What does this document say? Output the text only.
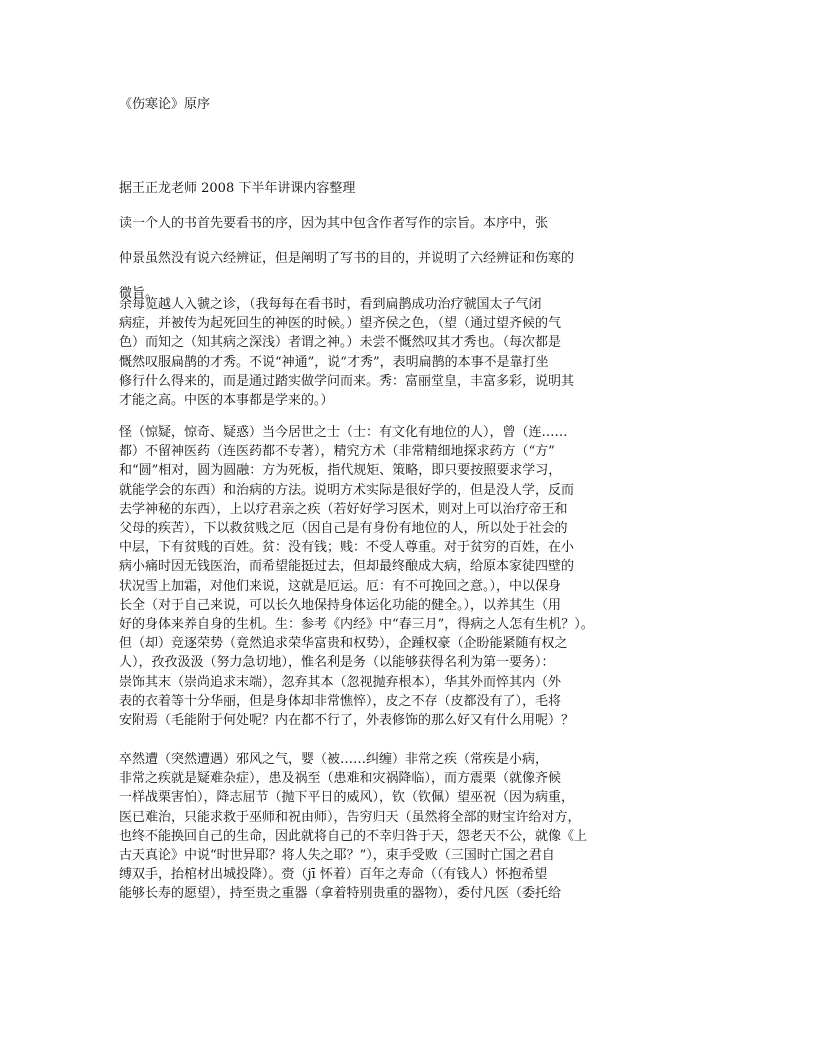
《伤寒论》原序
据王正龙老师 2008 下半年讲课内容整理
读一个人的书首先要看书的序，因为其中包含作者写作的宗旨。本序中，张
仲景虽然没有说六经辨证，但是阐明了写书的目的，并说明了六经辨证和伤寒的
微旨。
余每览越人入虢之诊，（我每每在看书时，看到扁鹊成功治疗虢国太子气闭
病症，并被传为起死回生的神医的时候。）望齐侯之色，（望（通过望齐候的气
色）而知之（知其病之深浅）者谓之神。）未尝不慨然叹其才秀也。（每次都是
慨然叹服扁鹊的才秀。不说“神通”，说“才秀”，表明扁鹊的本事不是靠打坐
修行什么得来的，而是通过踏实做学问而来。秀：富丽堂皇，丰富多彩，说明其
才能之高。中医的本事都是学来的。）
怪（惊疑，惊奇、疑惑）当今居世之士（士：有文化有地位的人），曾（连……
都）不留神医药（连医药都不专著），精究方术（非常精细地探求药方（“方”
和“圆”相对，圆为圆融：方为死板，指代规矩、策略，即只要按照要求学习，
就能学会的东西）和治病的方法。说明方术实际是很好学的，但是没人学，反而
去学神秘的东西），上以疗君亲之疾（若好好学习医术，则对上可以治疗帝王和
父母的疾苦），下以救贫贱之厄（因自己是有身份有地位的人，所以处于社会的
中层，下有贫贱的百姓。贫：没有钱；贱：不受人尊重。对于贫穷的百姓，在小
病小痛时因无钱医治，而希望能挺过去，但却最终酿成大病，给原本家徒四壁的
状况雪上加霜，对他们来说，这就是厄运。厄：有不可挽回之意。），中以保身
长全（对于自己来说，可以长久地保持身体运化功能的健全。），以养其生（用
好的身体来养自身的生机。生：参考《内经》中“春三月”，得病之人怎有生机？）。
但（却）竞逐荣势（竟然追求荣华富贵和权势），企踵权豪（企盼能紧随有权之
人），孜孜汲汲（努力急切地），惟名利是务（以能够获得名利为第一要务）：
崇饰其末（崇尚追求末端），忽弃其本（忽视抛弃根本），华其外而悴其内（外
表的衣着等十分华丽，但是身体却非常憔悴），皮之不存（皮都没有了），毛将
安附焉（毛能附于何处呢？内在都不行了，外表修饰的那么好又有什么用呢）？
卒然遭（突然遭遇）邪风之气，婴（被……纠缠）非常之疾（常疾是小病，
非常之疾就是疑难杂症），患及祸至（患难和灾祸降临），而方震栗（就像齐候
一样战栗害怕），降志屈节（抛下平日的威风），钦（钦佩）望巫祝（因为病重，
医已难治，只能求救于巫师和祝由师），告穷归天（虽然将全部的财宝许给对方，
也终不能换回自己的生命，因此就将自己的不幸归咎于天，怨老天不公，就像《上
古天真论》中说“时世异耶？将人失之耶？”），束手受败（三国时亡国之君自
缚双手，抬棺材出城投降）。赍（jī 怀着）百年之寿命（（有钱人）怀抱希望
能够长寿的愿望），持至贵之重器（拿着特别贵重的器物），委付凡医（委托给
